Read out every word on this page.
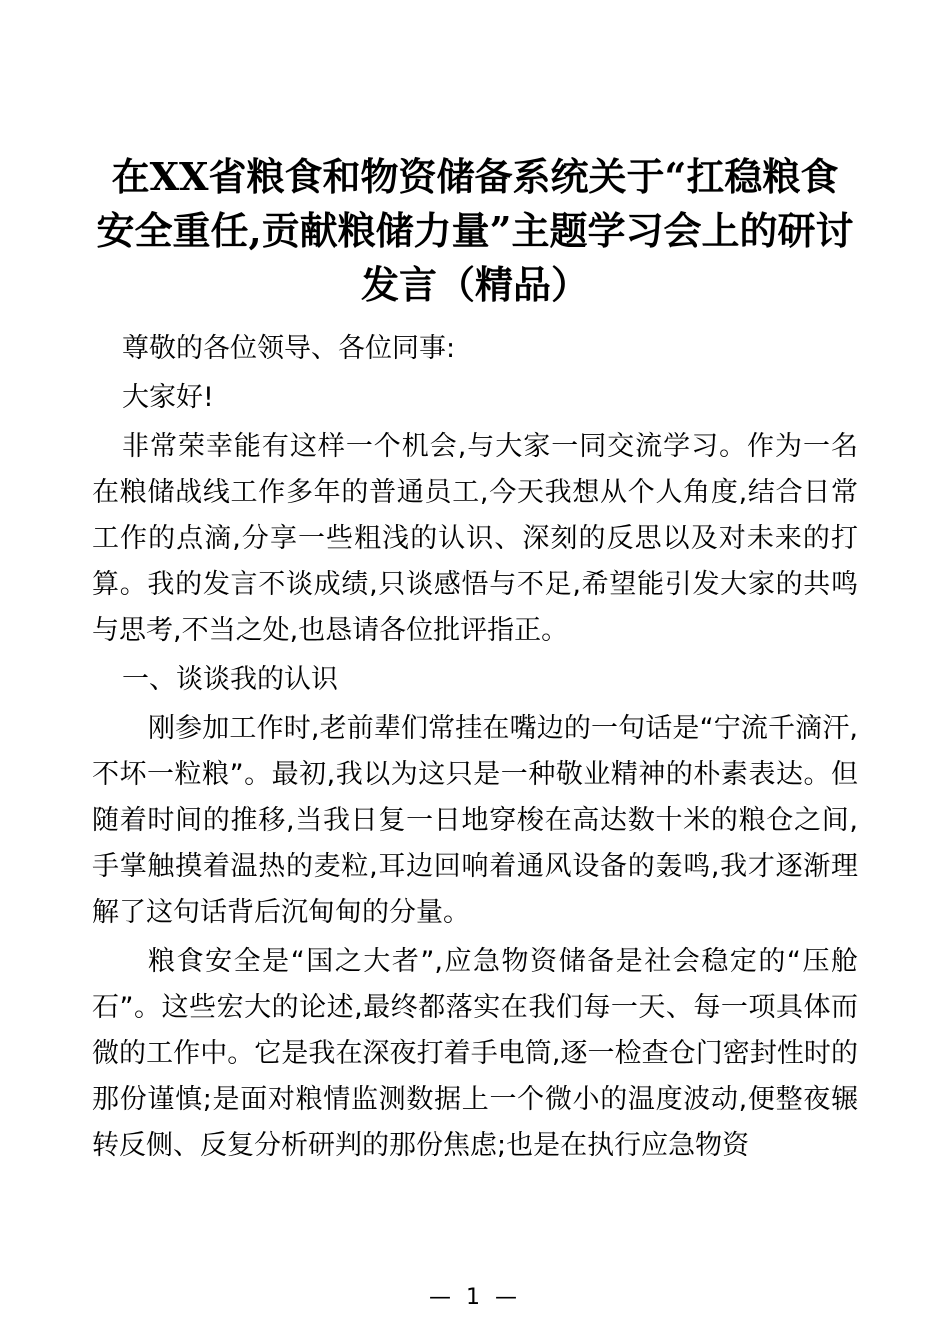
在XX省粮食和物资储备系统关于“扛稳粮食安全重任,贡献粮储力量”主题学习会上的研讨发言（精品）

尊敬的各位领导、各位同事:

大家好!

非常荣幸能有这样一个机会,与大家一同交流学习。作为一名在粮储战线工作多年的普通员工,今天我想从个人角度,结合日常工作的点滴,分享一些粗浅的认识、深刻的反思以及对未来的打算。我的发言不谈成绩,只谈感悟与不足,希望能引发大家的共鸣与思考,不当之处,也恳请各位批评指正。

一、谈谈我的认识

刚参加工作时,老前辈们常挂在嘴边的一句话是“宁流千滴汗,不坏一粒粮”。最初,我以为这只是一种敬业精神的朴素表达。但随着时间的推移,当我日复一日地穿梭在高达数十米的粮仓之间,手掌触摸着温热的麦粒,耳边回响着通风设备的轰鸣,我才逐渐理解了这句话背后沉甸甸的分量。

粮食安全是“国之大者”,应急物资储备是社会稳定的“压舱石”。这些宏大的论述,最终都落实在我们每一天、每一项具体而微的工作中。它是我在深夜打着手电筒,逐一检查仓门密封性时的那份谨慎;是面对粮情监测数据上一个微小的温度波动,便整夜辗转反侧、反复分析研判的那份焦虑;也是在执行应急物资

— 1 —
